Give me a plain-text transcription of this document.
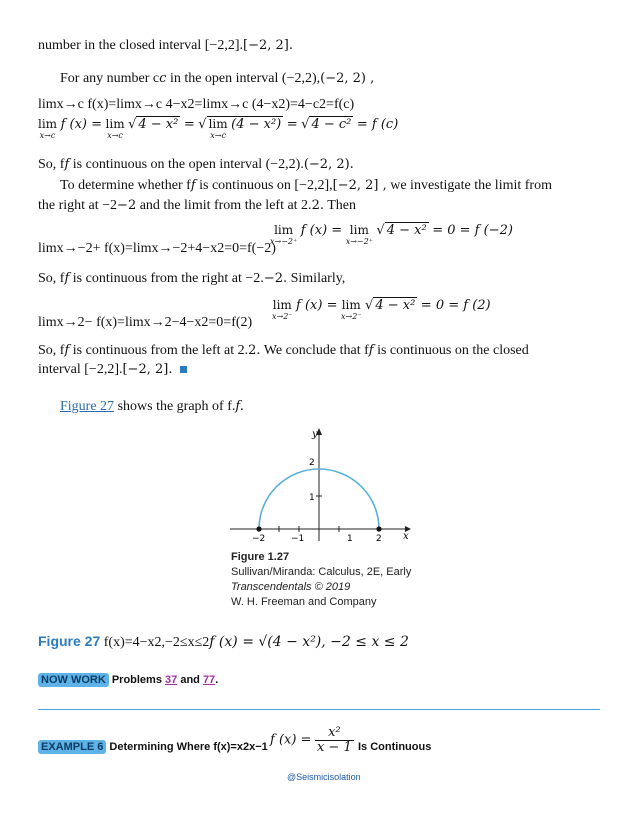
number in the closed interval [−2,2].[−2, 2].
For any number cc in the open interval (−2,2),(−2, 2) ,
limx→c f(x)=limx→c 4−x2=limx→c (4−x2)=4−c2=f(c)
lim
x→c
f (x) = lim
x→c
√ 4 − x² = √ lim
x→c
(4 − x²) = √ 4 − c² = f (c)
So, ff is continuous on the open interval (−2,2).(−2, 2).
To determine whether ff is continuous on [−2,2],[−2, 2] , we investigate the limit from
the right at −2−2 and the limit from the left at 2.2. Then
lim
x→−2⁺
f (x) = lim
x→−2⁺
√ 4 − x² = 0 = f (−2)
limx→−2+ f(x)=limx→−2+4−x2=0=f(−2)
So, ff is continuous from the right at −2.−2. Similarly,
lim
x→2⁻
f (x) = lim
x→2⁻
√ 4 − x² = 0 = f (2)
limx→2− f(x)=limx→2−4−x2=0=f(2)
So, ff is continuous from the left at 2.2. We conclude that ff is continuous on the closed
interval [−2,2].[−2, 2].
Figure 27 shows the graph of f.f.
y
x
−2	−1	1	2
1
2
Figure 1.27
Sullivan/Miranda: Calculus, 2E, Early
Transcendentals © 2019
W. H. Freeman and Company
Figure 27 f(x)=4−x2,−2≤x≤2f (x) = √(4 − x²), −2 ≤ x ≤ 2
NOW WORK Problems 37 and 77.
EXAMPLE 6 Determining Where f(x)=x2x−1 f $(x) = \frac{\text{x²}}{x - 1}$ Is Continuous
@Seismicisolation
